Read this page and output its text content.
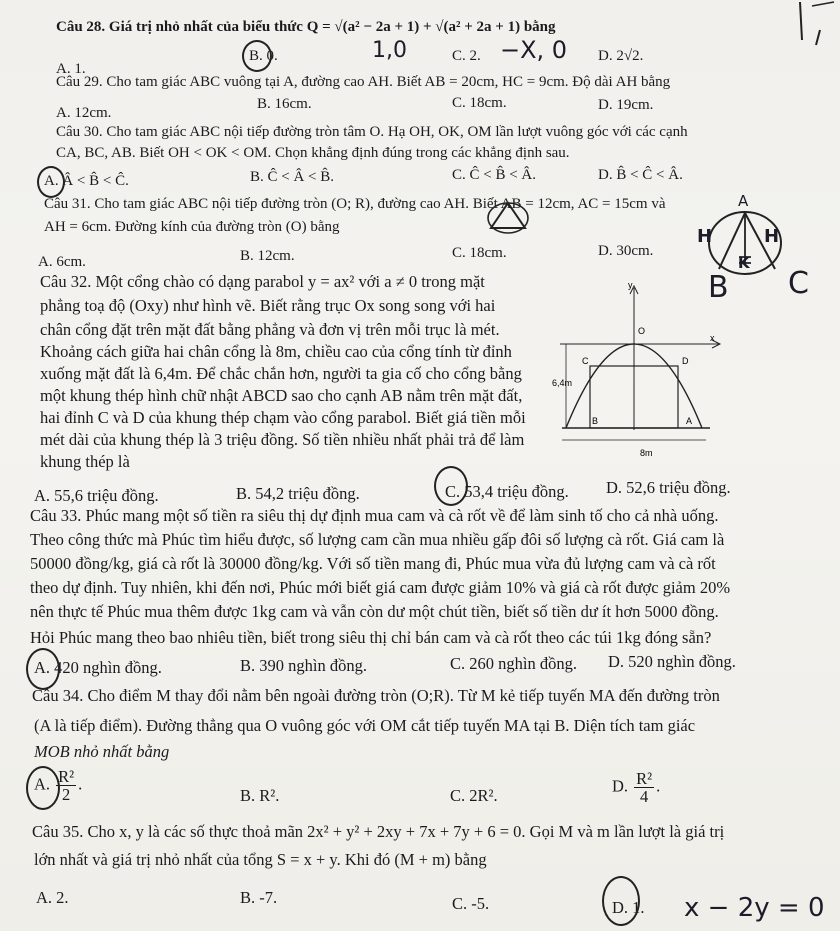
Câu 28. Giá trị nhỏ nhất của biểu thức Q = √(a² − 2a + 1) + √(a² + 2a + 1) bằng
A. 1.
B. 0.	C. 2.	D. 2√2.
1,0	−X, 0
Câu 29. Cho tam giác ABC vuông tại A, đường cao AH. Biết AB = 20cm, HC = 9cm. Độ dài AH bằng
A. 12cm.
B. 16cm.	C. 18cm.	D. 19cm.
Câu 30. Cho tam giác ABC nội tiếp đường tròn tâm O. Hạ OH, OK, OM lần lượt vuông góc với các cạnh
CA, BC, AB. Biết OH < OK < OM. Chọn khẳng định đúng trong các khẳng định sau.
A. Â < B̂ < Ĉ.	B. Ĉ < Â < B̂.	C. Ĉ < B̂ < Â.	D. B̂ < Ĉ < Â.
Câu 31. Cho tam giác ABC nội tiếp đường tròn (O; R), đường cao AH. Biết AB = 12cm, AC = 15cm và
AH = 6cm. Đường kính của đường tròn (O) bằng
A. 6cm.	B. 12cm.	C. 18cm.	D. 30cm.
A
H	H
K
B C
Câu 32. Một cổng chào có dạng parabol y = ax² với a ≠ 0 trong mặt
phẳng toạ độ (Oxy) như hình vẽ. Biết rằng trục Ox song song với hai
chân cổng đặt trên mặt đất bằng phẳng và đơn vị trên mỗi trục là mét.
Khoảng cách giữa hai chân cổng là 8m, chiều cao của cổng tính từ đỉnh
xuống mặt đất là 6,4m. Để chắc chắn hơn, người ta gia cố cho cổng bằng
một khung thép hình chữ nhật ABCD sao cho cạnh AB nằm trên mặt đất,
hai đỉnh C và D của khung thép chạm vào cổng parabol. Biết giá tiền mỗi
mét dài của khung thép là 3 triệu đồng. Số tiền nhiều nhất phải trả để làm
khung thép là
y
O
x
C	D
6,4m
B	A
8m
A. 55,6 triệu đồng.	B. 54,2 triệu đồng.	C. 53,4 triệu đồng. D. 52,6 triệu đồng.
Câu 33. Phúc mang một số tiền ra siêu thị dự định mua cam và cà rốt về để làm sinh tố cho cả nhà uống.
Theo công thức mà Phúc tìm hiểu được, số lượng cam cần mua nhiều gấp đôi số lượng cà rốt. Giá cam là
50000 đồng/kg, giá cà rốt là 30000 đồng/kg. Với số tiền mang đi, Phúc mua vừa đủ lượng cam và cà rốt
theo dự định. Tuy nhiên, khi đến nơi, Phúc mới biết giá cam được giảm 10% và giá cà rốt được giảm 20%
nên thực tế Phúc mua thêm được 1kg cam và vẫn còn dư một chút tiền, biết số tiền dư ít hơn 5000 đồng.
Hỏi Phúc mang theo bao nhiêu tiền, biết trong siêu thị chỉ bán cam và cà rốt theo các túi 1kg đóng sẵn?
A. 420 nghìn đồng.	B. 390 nghìn đồng.	C. 260 nghìn đồng. D. 520 nghìn đồng.
Câu 34. Cho điểm M thay đổi nằm bên ngoài đường tròn (O;R). Từ M kẻ tiếp tuyến MA đến đường tròn
(A là tiếp điểm). Đường thẳng qua O vuông góc với OM cắt tiếp tuyến MA tại B. Diện tích tam giác
MOB nhỏ nhất bằng
A. $\frac{\text{R²}}{2}$ .
B. R².	C. 2R².
D. $\frac{\text{R²}}{4}$ .
Câu 35. Cho x, y là các số thực thoả mãn 2x² + y² + 2xy + 7x + 7y + 6 = 0. Gọi M và m lần lượt là giá trị
lớn nhất và giá trị nhỏ nhất của tổng S = x + y. Khi đó (M + m) bằng
A. 2.	B. -7.	C. -5.	D. 1. x − 2y = 0
